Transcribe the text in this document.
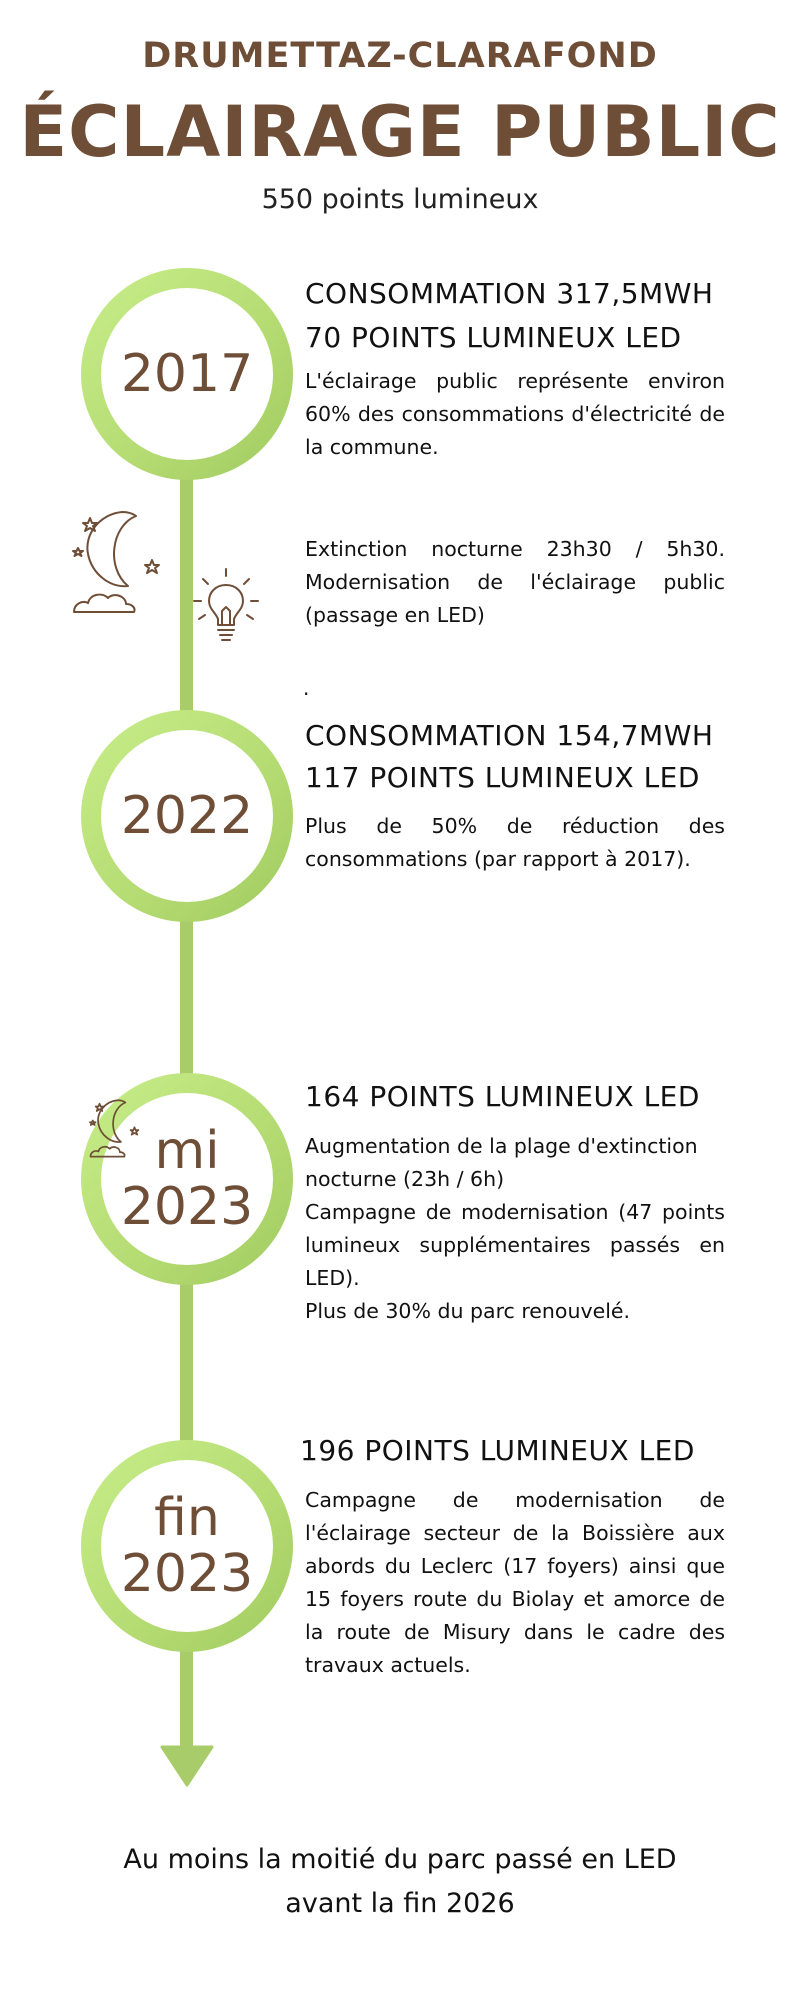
DRUMETTAZ-CLARAFOND
ÉCLAIRAGE PUBLIC
550 points lumineux
2017
CONSOMMATION 317,5MWH
70 POINTS LUMINEUX LED
L'éclairage public représente environ 60% des consommations d'électricité de la commune.
Extinction nocturne 23h30 / 5h30. Modernisation de l'éclairage public (passage en LED)
.
2022
CONSOMMATION 154,7MWH
117 POINTS LUMINEUX LED
Plus de 50% de réduction des consommations (par rapport à 2017).
mi
2023
164 POINTS LUMINEUX LED
Augmentation de la plage d'extinction nocturne (23h / 6h)
Campagne de modernisation (47 points lumineux supplémentaires passés en LED).
Plus de 30% du parc renouvelé.
fin
2023
196 POINTS LUMINEUX LED
Campagne de modernisation de l'éclairage secteur de la Boissière aux abords du Leclerc (17 foyers) ainsi que 15 foyers route du Biolay et amorce de la route de Misury dans le cadre des travaux actuels.
Au moins la moitié du parc passé en LED
avant la fin 2026
